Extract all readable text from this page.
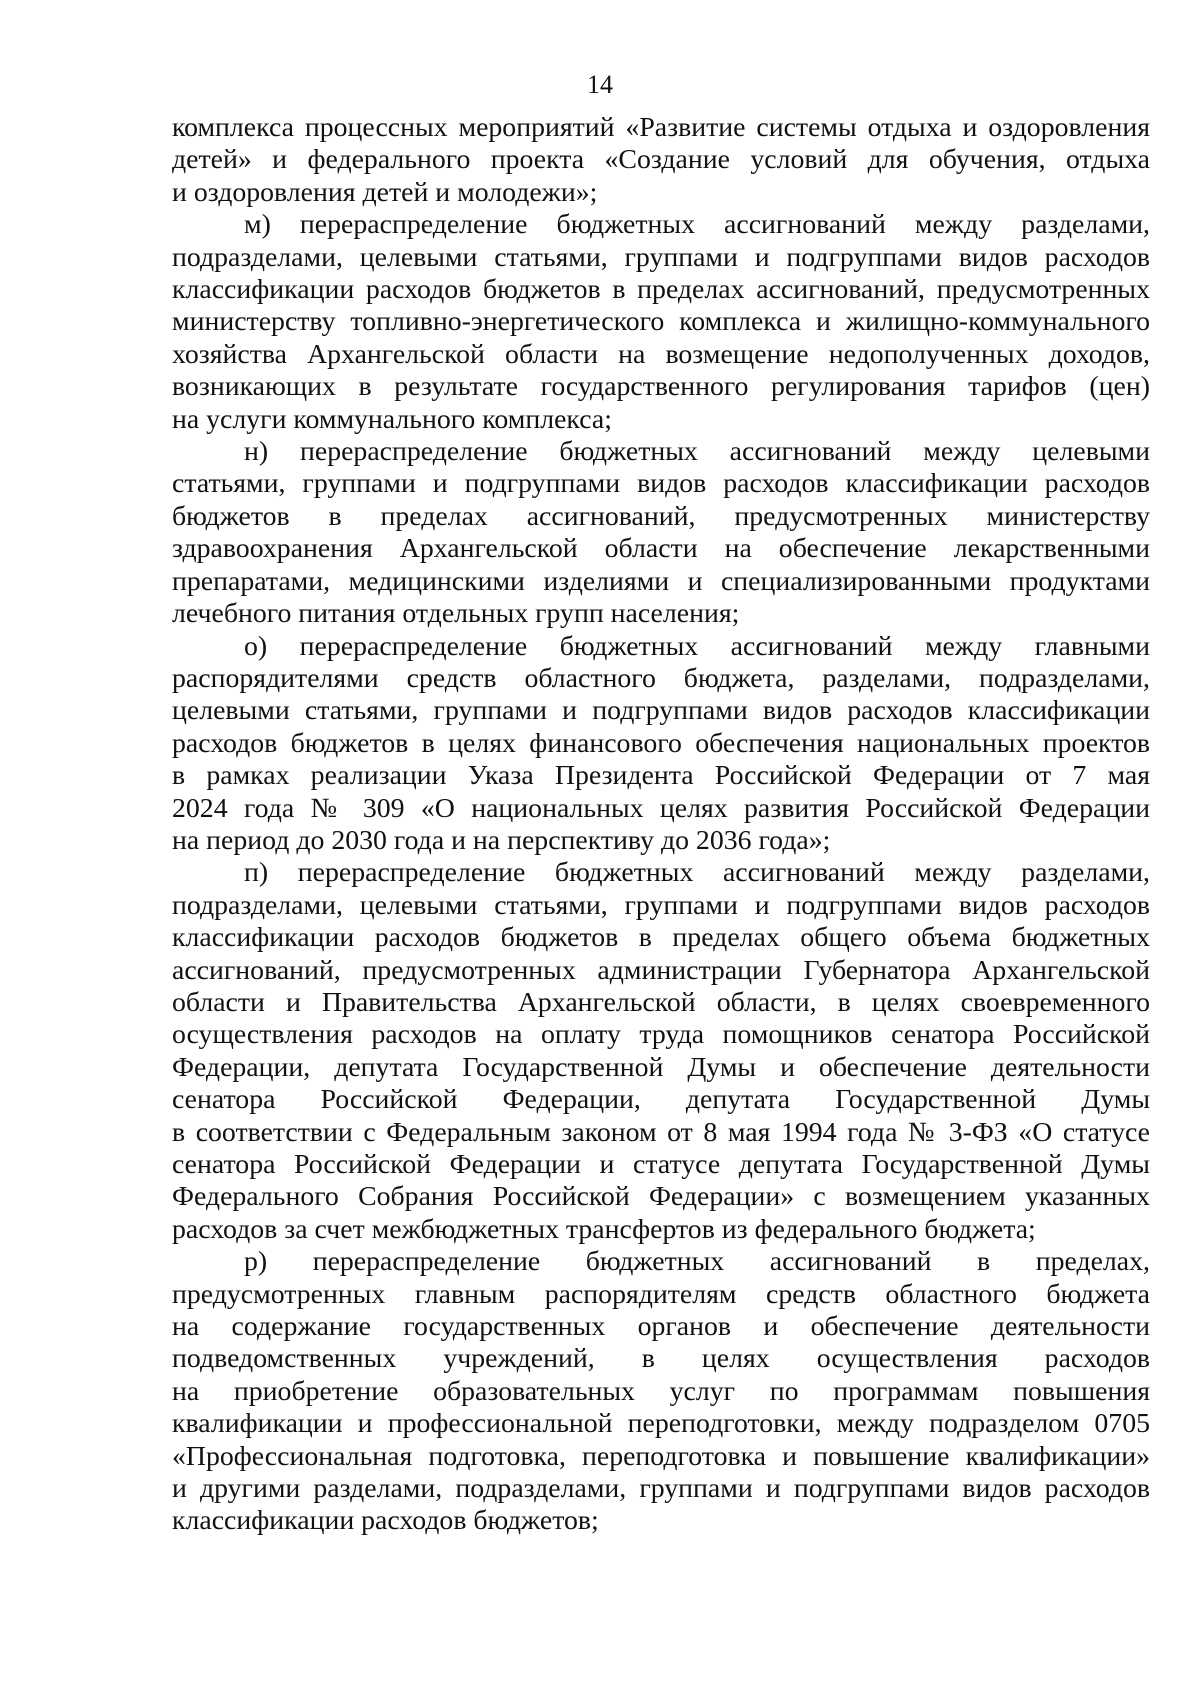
14

комплекса процессных мероприятий «Развитие системы отдыха и оздоровления
детей» и федерального проекта «Создание условий для обучения, отдыха
и оздоровления детей и молодежи»;

м) перераспределение бюджетных ассигнований между разделами,
подразделами, целевыми статьями, группами и подгруппами видов расходов
классификации расходов бюджетов в пределах ассигнований, предусмотренных
министерству топливно-энергетического комплекса и жилищно-коммунального
хозяйства Архангельской области на возмещение недополученных доходов,
возникающих в результате государственного регулирования тарифов (цен)
на услуги коммунального комплекса;

н) перераспределение бюджетных ассигнований между целевыми
статьями, группами и подгруппами видов расходов классификации расходов
бюджетов в пределах ассигнований, предусмотренных министерству
здравоохранения Архангельской области на обеспечение лекарственными
препаратами, медицинскими изделиями и специализированными продуктами
лечебного питания отдельных групп населения;

о) перераспределение бюджетных ассигнований между главными
распорядителями средств областного бюджета, разделами, подразделами,
целевыми статьями, группами и подгруппами видов расходов классификации
расходов бюджетов в целях финансового обеспечения национальных проектов
в рамках реализации Указа Президента Российской Федерации от 7 мая
2024 года № 309 «О национальных целях развития Российской Федерации
на период до 2030 года и на перспективу до 2036 года»;

п) перераспределение бюджетных ассигнований между разделами,
подразделами, целевыми статьями, группами и подгруппами видов расходов
классификации расходов бюджетов в пределах общего объема бюджетных
ассигнований, предусмотренных администрации Губернатора Архангельской
области и Правительства Архангельской области, в целях своевременного
осуществления расходов на оплату труда помощников сенатора Российской
Федерации, депутата Государственной Думы и обеспечение деятельности
сенатора Российской Федерации, депутата Государственной Думы
в соответствии с Федеральным законом от 8 мая 1994 года № 3-ФЗ «О статусе
сенатора Российской Федерации и статусе депутата Государственной Думы
Федерального Собрания Российской Федерации» с возмещением указанных
расходов за счет межбюджетных трансфертов из федерального бюджета;

р) перераспределение бюджетных ассигнований в пределах,
предусмотренных главным распорядителям средств областного бюджета
на содержание государственных органов и обеспечение деятельности
подведомственных учреждений, в целях осуществления расходов
на приобретение образовательных услуг по программам повышения
квалификации и профессиональной переподготовки, между подразделом 0705
«Профессиональная подготовка, переподготовка и повышение квалификации»
и другими разделами, подразделами, группами и подгруппами видов расходов
классификации расходов бюджетов;
